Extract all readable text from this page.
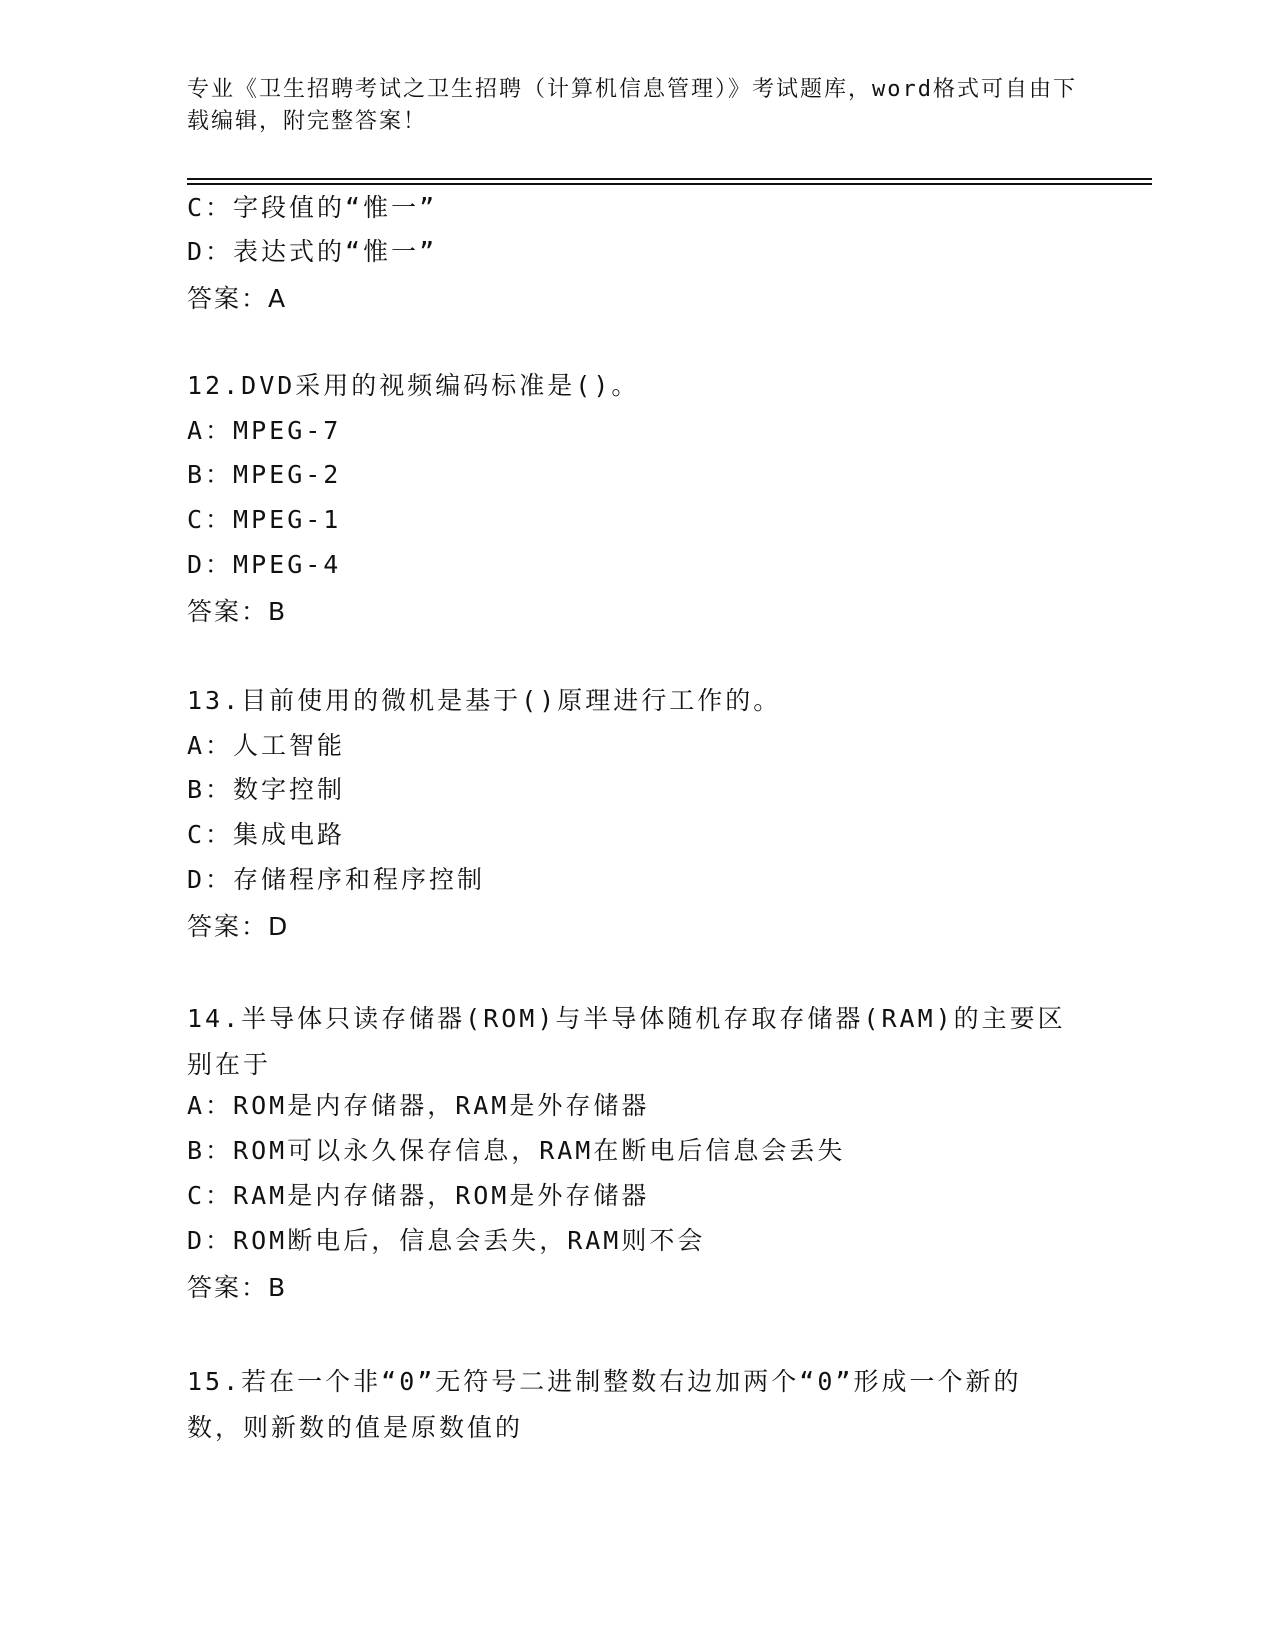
专业《卫生招聘考试之卫生招聘（计算机信息管理）》考试题库，word格式可自由下载编辑，附完整答案！
C：字段值的“惟一”
D：表达式的“惟一”
答案：A
12.DVD采用的视频编码标准是()。
A：MPEG-7
B：MPEG-2
C：MPEG-1
D：MPEG-4
答案：B
13.目前使用的微机是基于()原理进行工作的。
A：人工智能
B：数字控制
C：集成电路
D：存储程序和程序控制
答案：D
14.半导体只读存储器(ROM)与半导体随机存取存储器(RAM)的主要区别在于
A：ROM是内存储器，RAM是外存储器
B：ROM可以永久保存信息，RAM在断电后信息会丢失
C：RAM是内存储器，ROM是外存储器
D：ROM断电后，信息会丢失，RAM则不会
答案：B
15.若在一个非“0”无符号二进制整数右边加两个“0”形成一个新的数，则新数的值是原数值的
